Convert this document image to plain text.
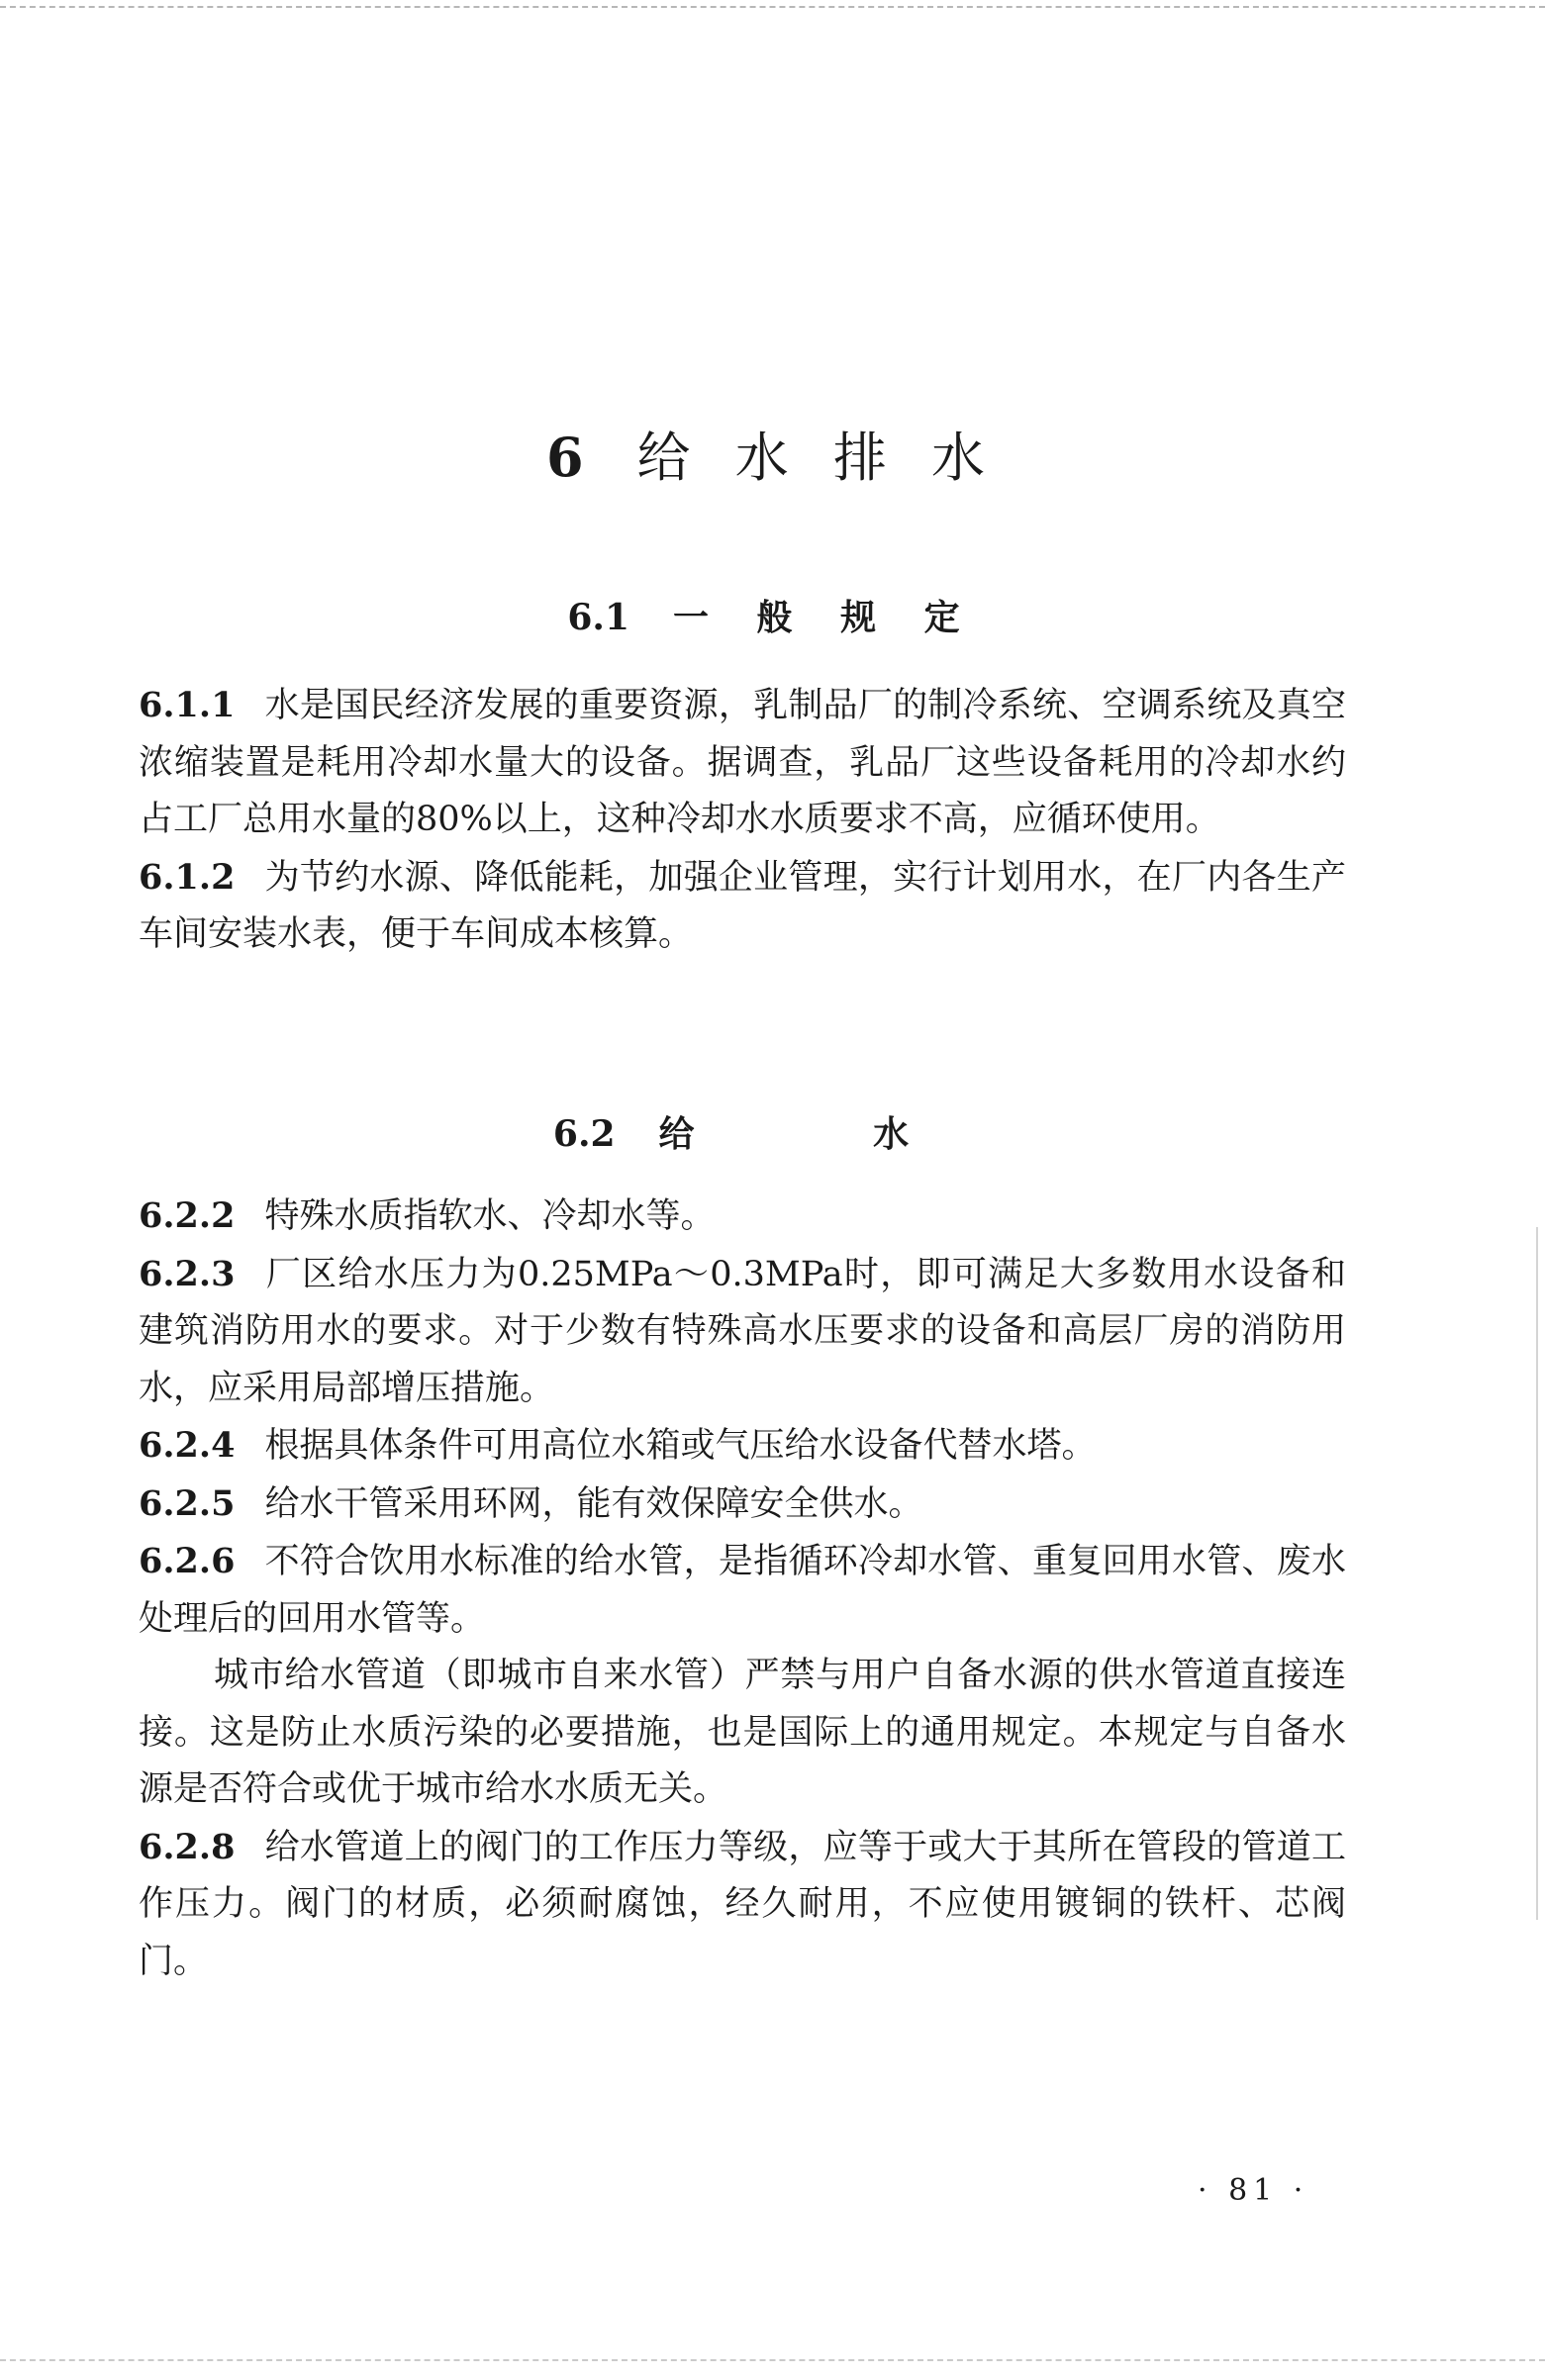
6 给 水 排 水
6.1 一 般 规 定

6.1.1 水是国民经济发展的重要资源，乳制品厂的制冷系统、空调系统及真空浓缩装置是耗用冷却水量大的设备。据调查，乳品厂这些设备耗用的冷却水约占工厂总用水量的80%以上，这种冷却水水质要求不高，应循环使用。

6.1.2 为节约水源、降低能耗，加强企业管理，实行计划用水，在厂内各生产车间安装水表，便于车间成本核算。

6.2 给 水

6.2.2 特殊水质指软水、冷却水等。

6.2.3 厂区给水压力为0.25MPa～0.3MPa时，即可满足大多数用水设备和建筑消防用水的要求。对于少数有特殊高水压要求的设备和高层厂房的消防用水，应采用局部增压措施。

6.2.4 根据具体条件可用高位水箱或气压给水设备代替水塔。

6.2.5 给水干管采用环网，能有效保障安全供水。

6.2.6 不符合饮用水标准的给水管，是指循环冷却水管、重复回用水管、废水处理后的回用水管等。

城市给水管道（即城市自来水管）严禁与用户自备水源的供水管道直接连接。这是防止水质污染的必要措施，也是国际上的通用规定。本规定与自备水源是否符合或优于城市给水水质无关。

6.2.8 给水管道上的阀门的工作压力等级，应等于或大于其所在管段的管道工作压力。阀门的材质，必须耐腐蚀，经久耐用，不应使用镀铜的铁杆、芯阀门。

· 81 ·
